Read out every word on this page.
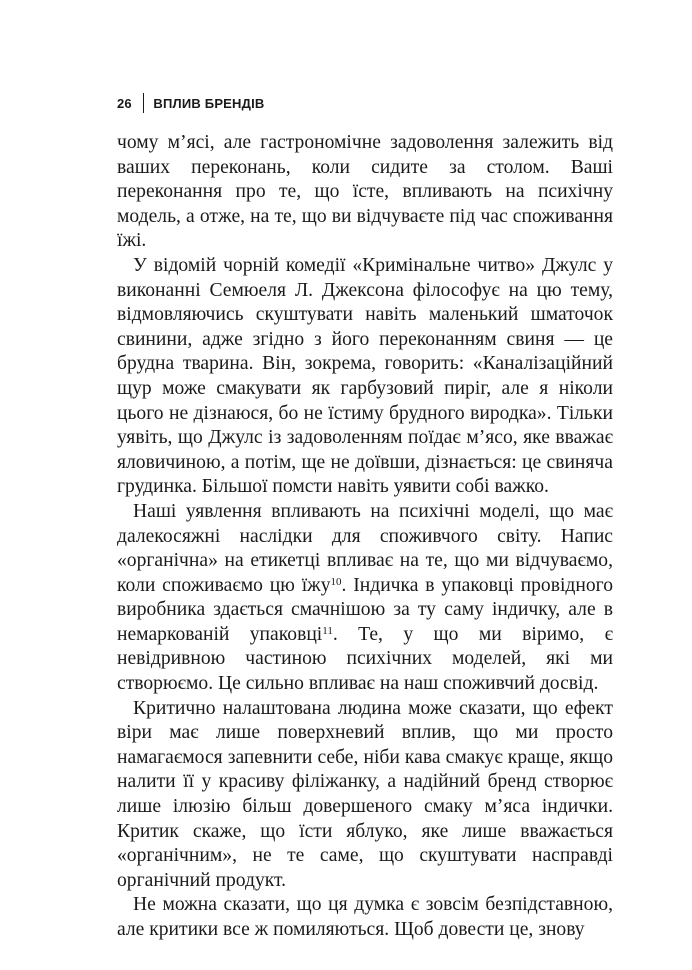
26 ВПЛИВ БРЕНДІВ

чому м’ясі, але гастрономічне задоволення залежить від ваших переконань, коли сидите за столом. Ваші переконання про те, що їсте, впливають на психічну модель, а отже, на те, що ви відчуваєте під час споживання їжі.

У відомій чорній комедії «Кримінальне читво» Джулс у виконанні Семюеля Л. Джексона філософує на цю тему, відмовляючись скуштувати навіть маленький шматочок свинини, адже згідно з його переконанням свиня — це брудна тварина. Він, зокрема, говорить: «Каналізаційний щур може смакувати як гарбузовий пиріг, але я ніколи цього не дізнаюся, бо не їстиму брудного виродка». Тільки уявіть, що Джулс із задоволенням поїдає м’ясо, яке вважає яловичиною, а потім, ще не доївши, дізнається: це свиняча грудинка. Більшої помсти навіть уявити собі важко.

Наші уявлення впливають на психічні моделі, що має далекосяжні наслідки для споживчого світу. Напис «органічна» на етикетці впливає на те, що ми відчуваємо, коли споживаємо цю їжу$^{10}$. Індичка в упаковці провідного виробника здається смачнішою за ту саму індичку, але в немаркованій упаковці$^{11}$. Те, у що ми віримо, є невідривною частиною психічних моделей, які ми створюємо. Це сильно впливає на наш споживчий досвід.

Критично налаштована людина може сказати, що ефект віри має лише поверхневий вплив, що ми просто намагаємося запевнити себе, ніби кава смакує краще, якщо налити її у красиву філіжанку, а надійний бренд створює лише ілюзію більш довершеного смаку м’яса індички. Критик скаже, що їсти яблуко, яке лише вважається «органічним», не те саме, що скуштувати насправді органічний продукт.

Не можна сказати, що ця думка є зовсім безпідставною, але критики все ж помиляються. Щоб довести це, знову
